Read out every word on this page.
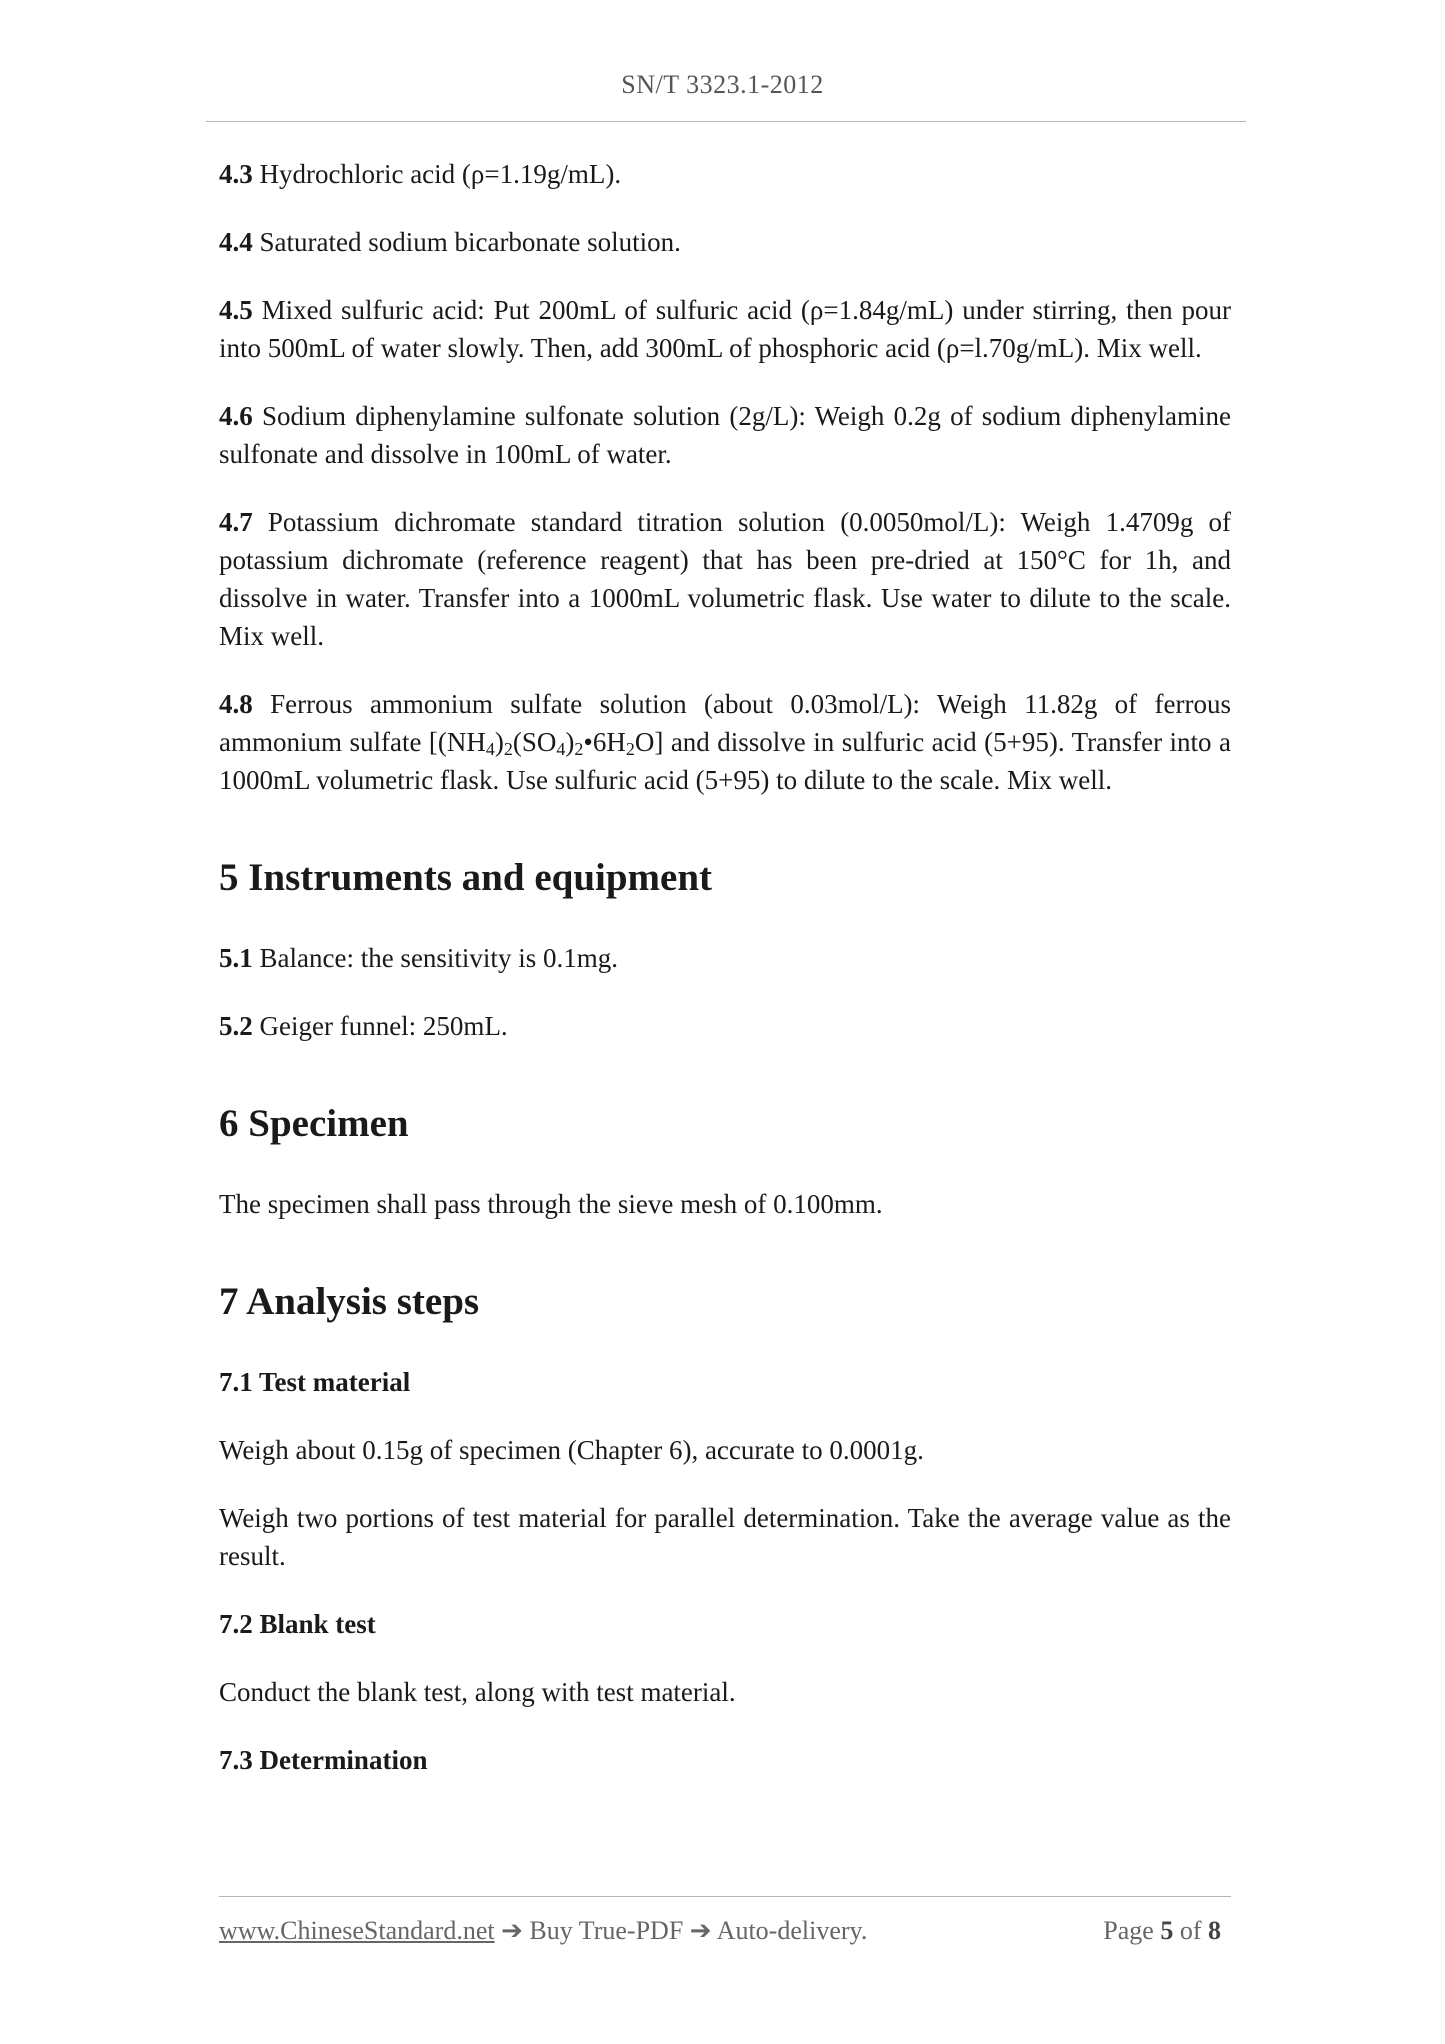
SN/T 3323.1-2012

4.3 Hydrochloric acid (ρ=1.19g/mL).

4.4 Saturated sodium bicarbonate solution.

4.5 Mixed sulfuric acid: Put 200mL of sulfuric acid (ρ=1.84g/mL) under stirring, then pour into 500mL of water slowly. Then, add 300mL of phosphoric acid (ρ=l.70g/mL). Mix well.

4.6 Sodium diphenylamine sulfonate solution (2g/L): Weigh 0.2g of sodium diphenylamine sulfonate and dissolve in 100mL of water.

4.7 Potassium dichromate standard titration solution (0.0050mol/L): Weigh 1.4709g of potassium dichromate (reference reagent) that has been pre-dried at 150°C for 1h, and dissolve in water. Transfer into a 1000mL volumetric flask. Use water to dilute to the scale. Mix well.

4.8 Ferrous ammonium sulfate solution (about 0.03mol/L): Weigh 11.82g of ferrous ammonium sulfate $[(NH_4)_2(SO_4)_2•6H_2O]$ and dissolve in sulfuric acid (5+95). Transfer into a 1000mL volumetric flask. Use sulfuric acid (5+95) to dilute to the scale. Mix well.

5 Instruments and equipment

5.1 Balance: the sensitivity is 0.1mg.

5.2 Geiger funnel: 250mL.

6 Specimen

The specimen shall pass through the sieve mesh of 0.100mm.

7 Analysis steps
7.1 Test material

Weigh about 0.15g of specimen (Chapter 6), accurate to 0.0001g.

Weigh two portions of test material for parallel determination. Take the average value as the result.

7.2 Blank test

Conduct the blank test, along with test material.

7.3 Determination
www.ChineseStandard.net ➔ Buy True-PDF ➔ Auto-delivery.	Page 5 of 8
